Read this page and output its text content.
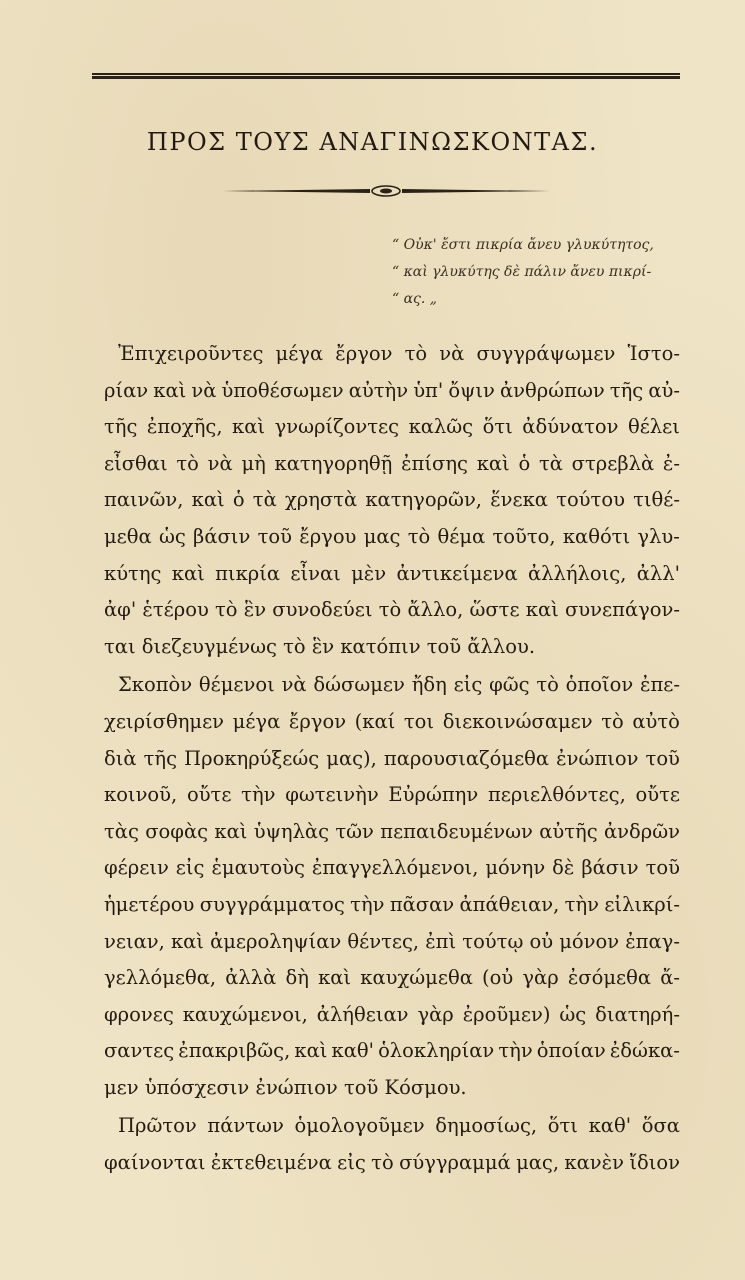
ΠΡΟΣ ΤΟΥΣ ΑΝΑΓΙΝΩΣΚΟΝΤΑΣ.
“ Οὐκ' ἔστι πικρία ἄνευ γλυκύτητος,
“ καὶ γλυκύτης δὲ πάλιν ἄνευ πικρί-
“ ας. „
Ἐπιχειροῦντες μέγα ἔργον τὸ νὰ συγγράψωμεν Ἱστο-
ρίαν καὶ νὰ ὑποθέσωμεν αὐτὴν ὑπ' ὄψιν ἀνθρώπων τῆς αὐ-
τῆς ἐποχῆς, καὶ γνωρίζοντες καλῶς ὅτι ἀδύνατον θέλει
εἶσθαι τὸ νὰ μὴ κατηγορηθῇ ἐπίσης καὶ ὁ τὰ στρεβλὰ ἐ-
παινῶν, καὶ ὁ τὰ χρηστὰ κατηγορῶν, ἕνεκα τούτου τιθέ-
μεθα ὡς βάσιν τοῦ ἔργου μας τὸ θέμα τοῦτο, καθότι γλυ-
κύτης καὶ πικρία εἶναι μὲν ἀντικείμενα ἀλλήλοις, ἀλλ'
ἀφ' ἑτέρου τὸ ἓν συνοδεύει τὸ ἄλλο, ὥστε καὶ συνεπάγον-
ται διεζευγμένως τὸ ἓν κατόπιν τοῦ ἄλλου.
Σκοπὸν θέμενοι νὰ δώσωμεν ἤδη εἰς φῶς τὸ ὁποῖον ἐπε-
χειρίσθημεν μέγα ἔργον (καί τοι διεκοινώσαμεν τὸ αὐτὸ
διὰ τῆς Προκηρύξεώς μας), παρουσιαζόμεθα ἐνώπιον τοῦ
κοινοῦ, οὔτε τὴν φωτεινὴν Εὐρώπην περιελθόντες, οὔτε
τὰς σοφὰς καὶ ὑψηλὰς τῶν πεπαιδευμένων αὐτῆς ἀνδρῶν
φέρειν εἰς ἑμαυτοὺς ἐπαγγελλόμενοι, μόνην δὲ βάσιν τοῦ
ἡμετέρου συγγράμματος τὴν πᾶσαν ἀπάθειαν, τὴν εἰλικρί-
νειαν, καὶ ἀμεροληψίαν θέντες, ἐπὶ τούτῳ οὐ μόνον ἐπαγ-
γελλόμεθα, ἀλλὰ δὴ καὶ καυχώμεθα (οὐ γὰρ ἐσόμεθα ἄ-
φρονες καυχώμενοι, ἀλήθειαν γὰρ ἐροῦμεν) ὡς διατηρή-
σαντες ἐπακριβῶς, καὶ καθ' ὁλοκληρίαν τὴν ὁποίαν ἐδώκα-
μεν ὑπόσχεσιν ἐνώπιον τοῦ Κόσμου.
Πρῶτον πάντων ὁμολογοῦμεν δημοσίως, ὅτι καθ' ὅσα
φαίνονται ἐκτεθειμένα εἰς τὸ σύγγραμμά μας, κανὲν ἴδιον
